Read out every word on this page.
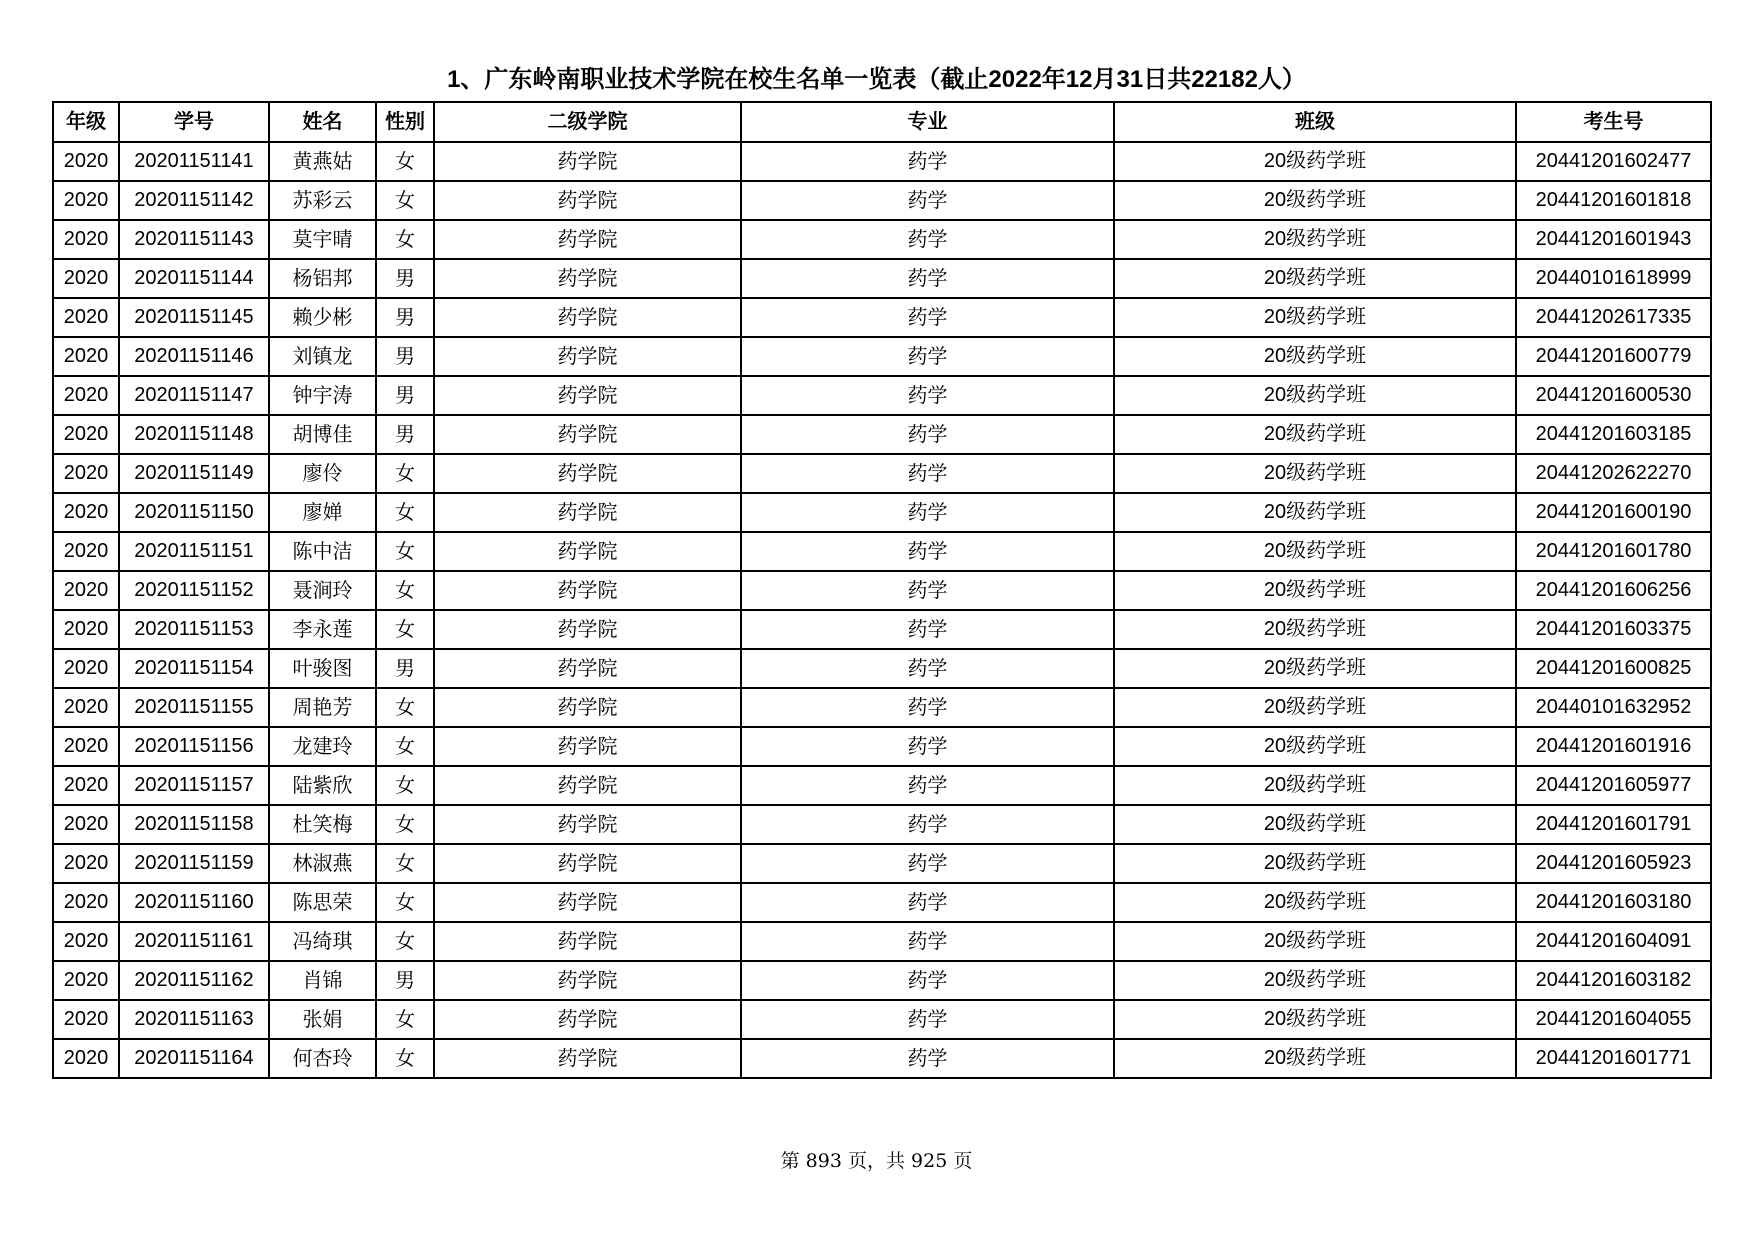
1、广东岭南职业技术学院在校生名单一览表（截止2022年12月31日共22182人）
年级	学号	姓名	性别	二级学院	专业	班级	考生号
2020	20201151141	黄燕姑	女	药学院	药学	20级药学班	20441201602477
2020	20201151142	苏彩云	女	药学院	药学	20级药学班	20441201601818
2020	20201151143	莫宇晴	女	药学院	药学	20级药学班	20441201601943
2020	20201151144	杨铝邦	男	药学院	药学	20级药学班	20440101618999
2020	20201151145	赖少彬	男	药学院	药学	20级药学班	20441202617335
2020	20201151146	刘镇龙	男	药学院	药学	20级药学班	20441201600779
2020	20201151147	钟宇涛	男	药学院	药学	20级药学班	20441201600530
2020	20201151148	胡博佳	男	药学院	药学	20级药学班	20441201603185
2020	20201151149	廖伶	女	药学院	药学	20级药学班	20441202622270
2020	20201151150	廖婵	女	药学院	药学	20级药学班	20441201600190
2020	20201151151	陈中洁	女	药学院	药学	20级药学班	20441201601780
2020	20201151152	聂涧玲	女	药学院	药学	20级药学班	20441201606256
2020	20201151153	李永莲	女	药学院	药学	20级药学班	20441201603375
2020	20201151154	叶骏图	男	药学院	药学	20级药学班	20441201600825
2020	20201151155	周艳芳	女	药学院	药学	20级药学班	20440101632952
2020	20201151156	龙建玲	女	药学院	药学	20级药学班	20441201601916
2020	20201151157	陆紫欣	女	药学院	药学	20级药学班	20441201605977
2020	20201151158	杜笑梅	女	药学院	药学	20级药学班	20441201601791
2020	20201151159	林淑燕	女	药学院	药学	20级药学班	20441201605923
2020	20201151160	陈思荣	女	药学院	药学	20级药学班	20441201603180
2020	20201151161	冯绮琪	女	药学院	药学	20级药学班	20441201604091
2020	20201151162	肖锦	男	药学院	药学	20级药学班	20441201603182
2020	20201151163	张娟	女	药学院	药学	20级药学班	20441201604055
2020	20201151164	何杏玲	女	药学院	药学	20级药学班	20441201601771
第 893 页，共 925 页
